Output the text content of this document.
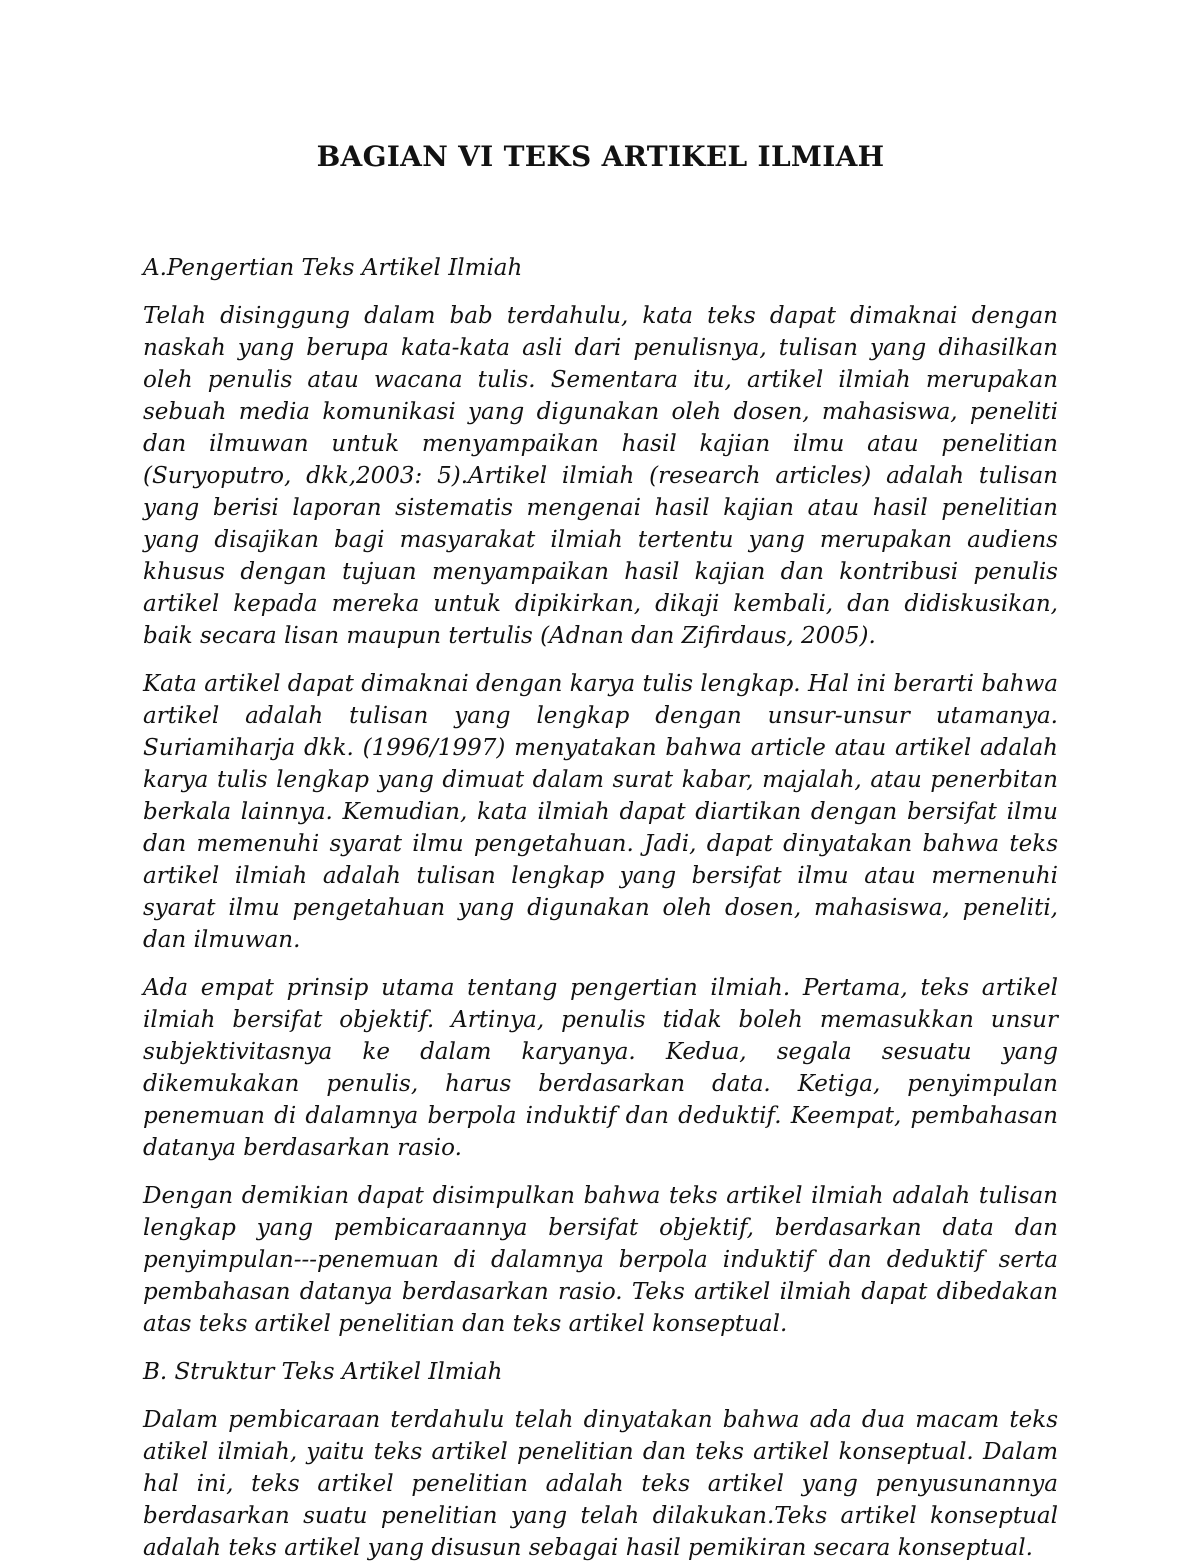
BAGIAN VI TEKS ARTIKEL ILMIAH
A.Pengertian Teks Artikel Ilmiah

Telah disinggung dalam bab terdahulu, kata teks dapat dimaknai dengan naskah yang berupa kata-kata asli dari penulisnya, tulisan yang dihasilkan oleh penulis atau wacana tulis. Sementara itu, artikel ilmiah merupakan sebuah media komunikasi yang digunakan oleh dosen, mahasiswa, peneliti dan ilmuwan untuk menyampaikan hasil kajian ilmu atau penelitian (Suryoputro, dkk,2003: 5).Artikel ilmiah (research articles) adalah tulisan yang berisi laporan sistematis mengenai hasil kajian atau hasil penelitian yang disajikan bagi masyarakat ilmiah tertentu yang merupakan audiens khusus dengan tujuan menyampaikan hasil kajian dan kontribusi penulis artikel kepada mereka untuk dipikirkan, dikaji kembali, dan didiskusikan, baik secara lisan maupun tertulis (Adnan dan Zifirdaus, 2005).

Kata artikel dapat dimaknai dengan karya tulis lengkap. Hal ini berarti bahwa artikel adalah tulisan yang lengkap dengan unsur-unsur utamanya. Suriamiharja dkk. (1996/1997) menyatakan bahwa article atau artikel adalah karya tulis lengkap yang dimuat dalam surat kabar, majalah, atau penerbitan berkala lainnya. Kemudian, kata ilmiah dapat diartikan dengan bersifat ilmu dan memenuhi syarat ilmu pengetahuan. Jadi, dapat dinyatakan bahwa teks artikel ilmiah adalah tulisan lengkap yang bersifat ilmu atau mernenuhi syarat ilmu pengetahuan yang digunakan oleh dosen, mahasiswa, peneliti, dan ilmuwan.

Ada empat prinsip utama tentang pengertian ilmiah. Pertama, teks artikel ilmiah bersifat objektif. Artinya, penulis tidak boleh memasukkan unsur subjektivitasnya ke dalam karyanya. Kedua, segala sesuatu yang dikemukakan penulis, harus berdasarkan data. Ketiga, penyimpulan penemuan di dalamnya berpola induktif dan deduktif. Keempat, pembahasan datanya berdasarkan rasio.

Dengan demikian dapat disimpulkan bahwa teks artikel ilmiah adalah tulisan lengkap yang pembicaraannya bersifat objektif, berdasarkan data dan penyimpulan---penemuan di dalamnya berpola induktif dan deduktif serta pembahasan datanya berdasarkan rasio. Teks artikel ilmiah dapat dibedakan atas teks artikel penelitian dan teks artikel konseptual.

B. Struktur Teks Artikel Ilmiah

Dalam pembicaraan terdahulu telah dinyatakan bahwa ada dua macam teks atikel ilmiah, yaitu teks artikel penelitian dan teks artikel konseptual. Dalam hal ini, teks artikel penelitian adalah teks artikel yang penyusunannya berdasarkan suatu penelitian yang telah dilakukan.Teks artikel konseptual adalah teks artikel yang disusun sebagai hasil pemikiran secara konseptual.
